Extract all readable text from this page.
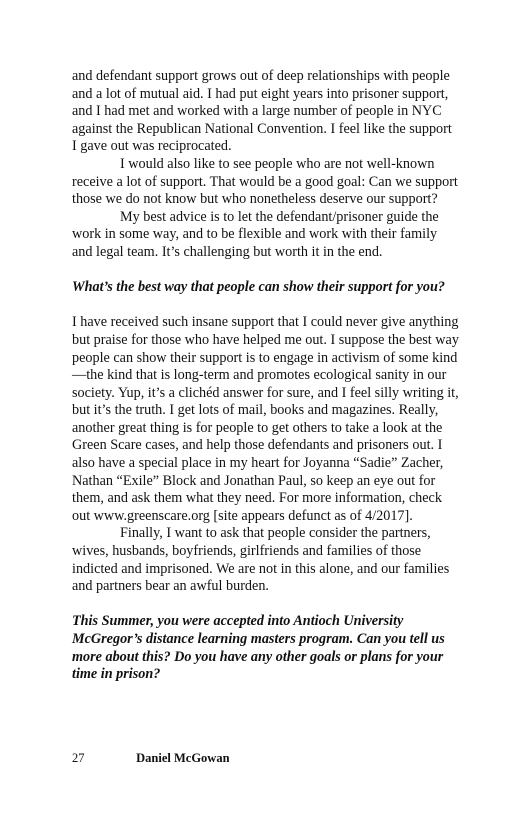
and defendant support grows out of deep relationships with people and a lot of mutual aid. I had put eight years into prisoner support, and I had met and worked with a large number of people in NYC against the Republican National Convention. I feel like the support I gave out was reciprocated.

I would also like to see people who are not well-known receive a lot of support. That would be a good goal: Can we support those we do not know but who nonetheless deserve our support?

My best advice is to let the defendant/prisoner guide the work in some way, and to be flexible and work with their family and legal team. It’s challenging but worth it in the end.

What’s the best way that people can show their support for you?

I have received such insane support that I could never give anything but praise for those who have helped me out. I suppose the best way people can show their support is to engage in activism of some kind—the kind that is long-term and promotes ecological sanity in our society. Yup, it’s a clichéd answer for sure, and I feel silly writing it, but it’s the truth. I get lots of mail, books and magazines. Really, another great thing is for people to get others to take a look at the Green Scare cases, and help those defendants and prisoners out. I also have a special place in my heart for Joyanna “Sadie” Zacher, Nathan “Exile” Block and Jonathan Paul, so keep an eye out for them, and ask them what they need. For more information, check out www.greenscare.org [site appears defunct as of 4/2017].

Finally, I want to ask that people consider the partners, wives, husbands, boyfriends, girlfriends and families of those indicted and imprisoned. We are not in this alone, and our families and partners bear an awful burden.

This Summer, you were accepted into Antioch University McGregor’s distance learning masters program. Can you tell us more about this? Do you have any other goals or plans for your time in prison?

27	Daniel McGowan
